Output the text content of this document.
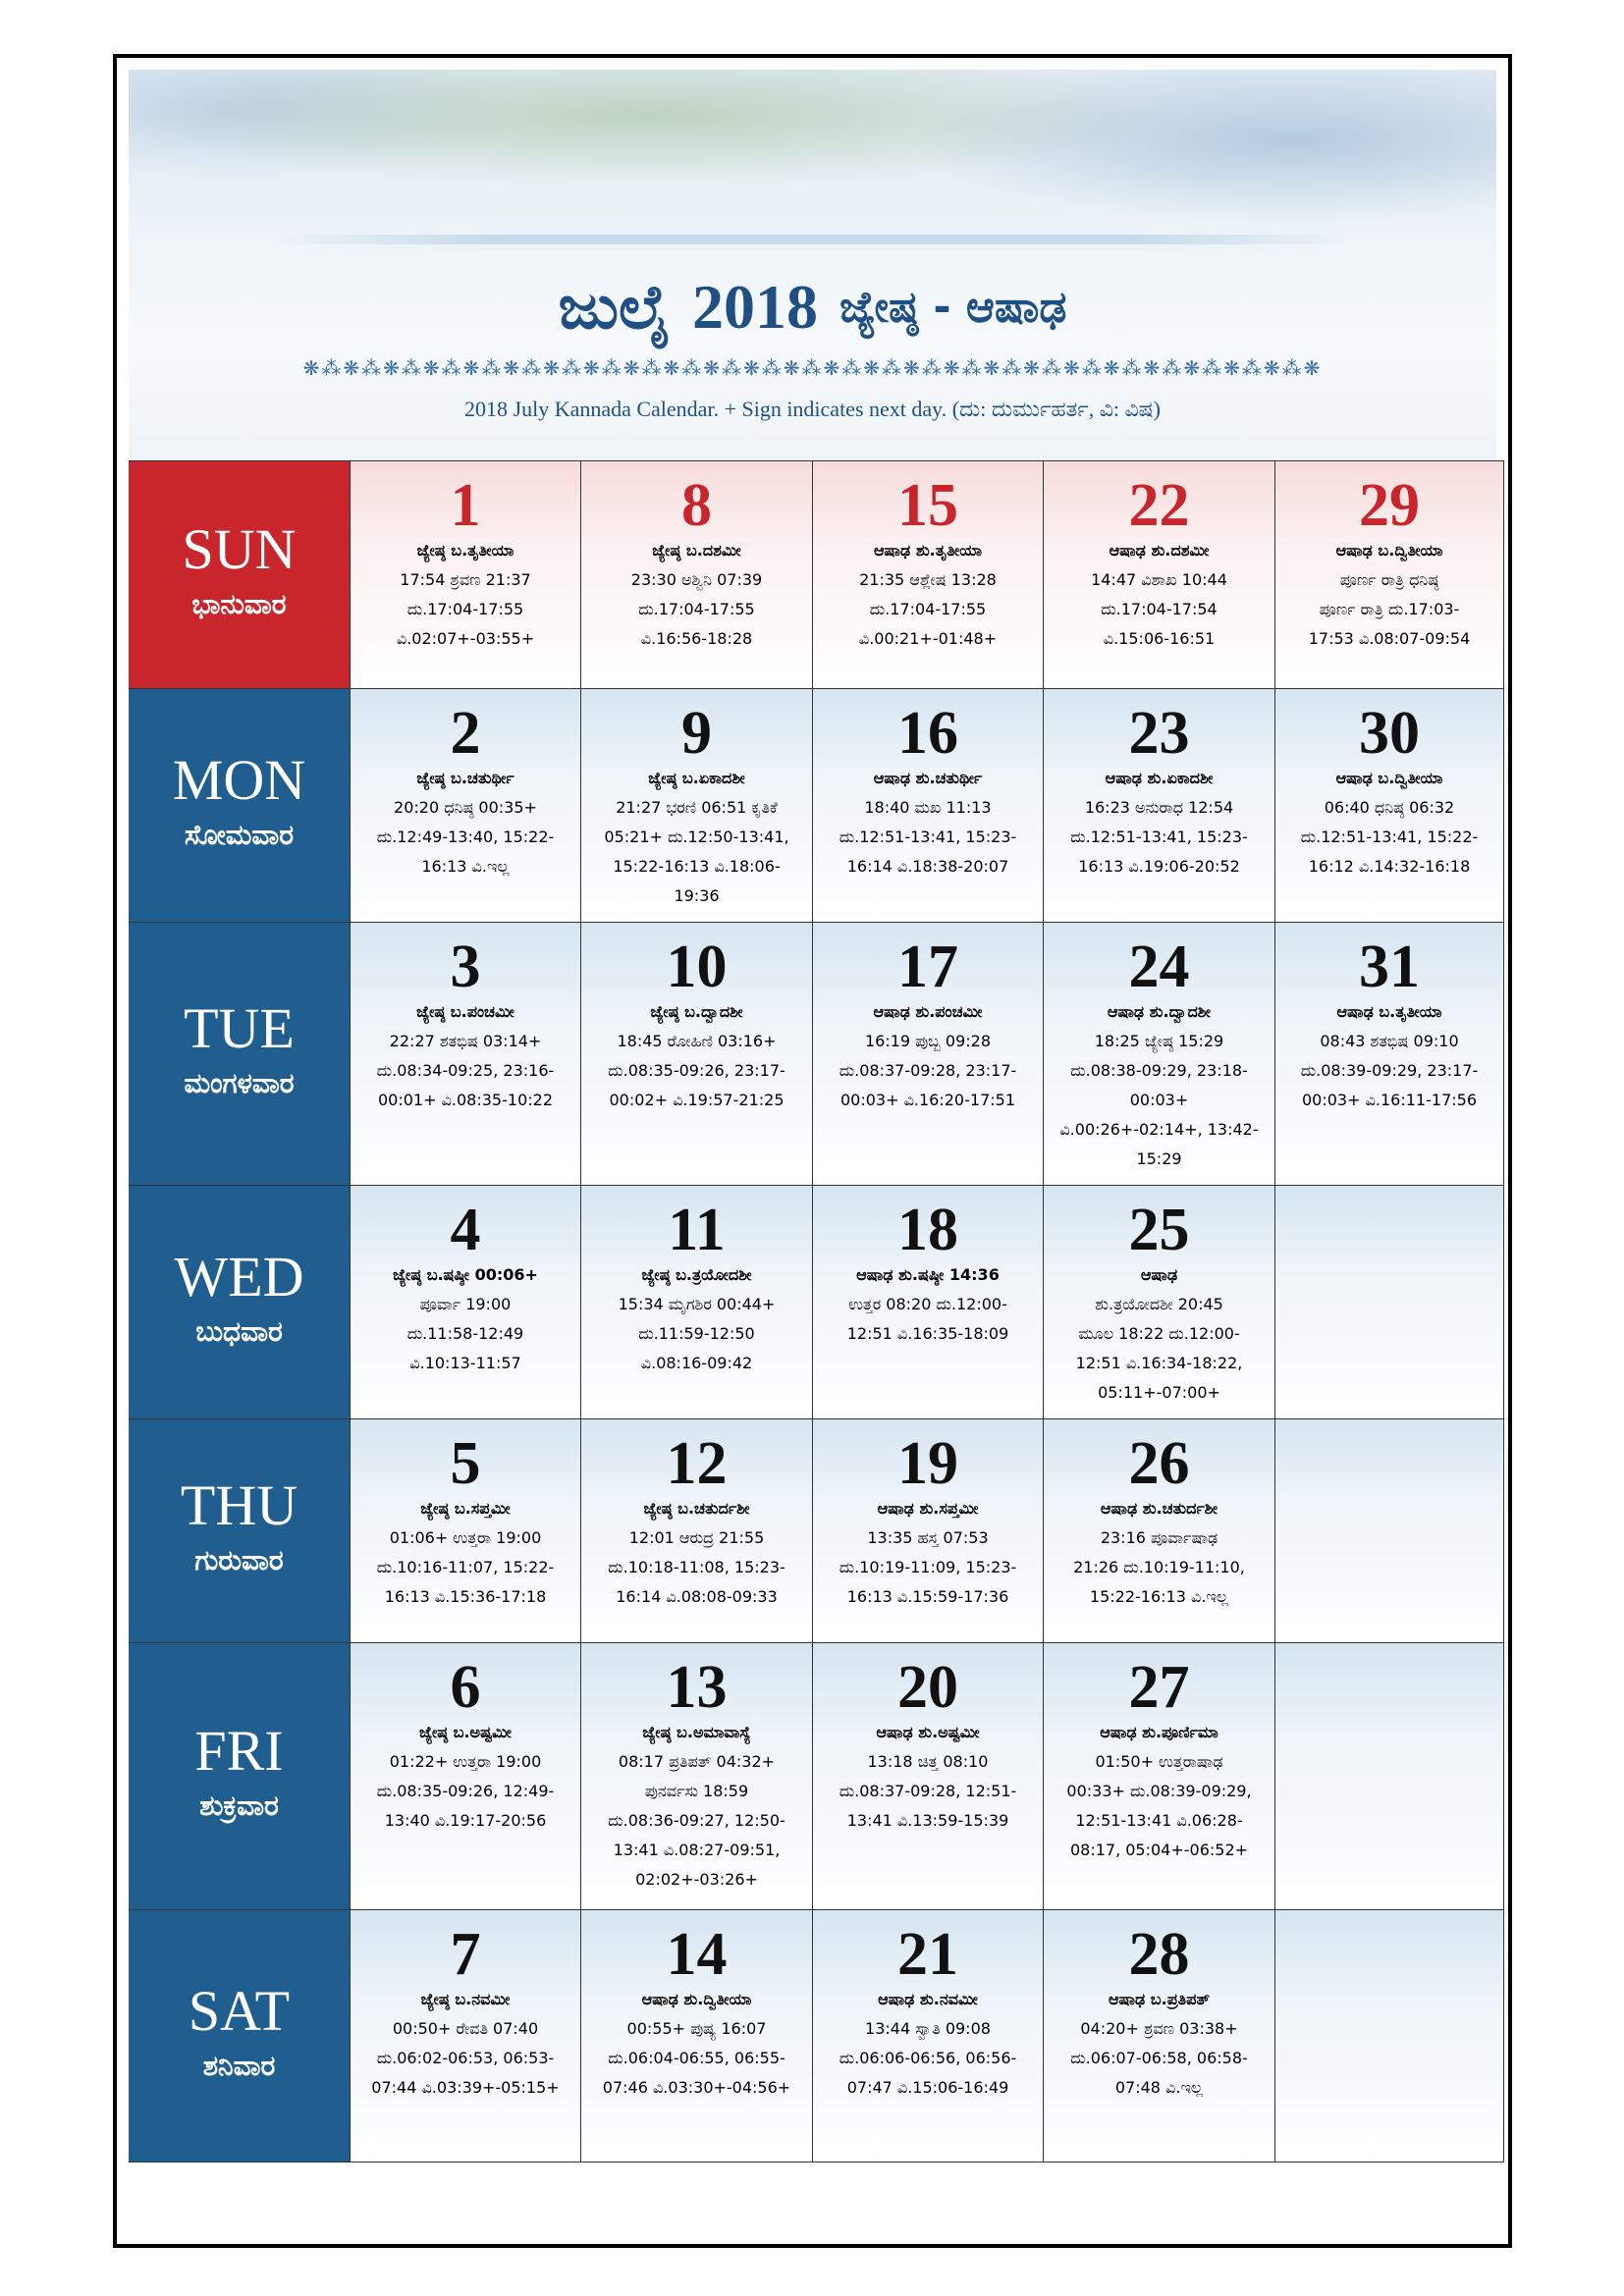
ಜುಲೈ 2018 ಜ್ಯೇಷ್ಠ - ಆಷಾಢ
❋⁂❋⁂❋⁂❋⁂❋⁂❋⁂❋⁂❋⁂❋⁂❋⁂❋⁂❋⁂❋⁂❋⁂❋⁂❋⁂❋⁂❋⁂❋⁂❋⁂❋⁂❋⁂❋⁂❋⁂❋⁂❋
2018 July Kannada Calendar. + Sign indicates next day. (ದು: ದುರ್ಮುಹರ್ತ, ವಿ: ವಿಷ)
SUN
ಭಾನುವಾರ
1
ಜ್ಯೇಷ್ಠ ಬ.ತೃತೀಯಾ
17:54 ಶ್ರವಣ 21:37
ದು.17:04-17:55
ವಿ.02:07+-03:55+
8
ಜ್ಯೇಷ್ಠ ಬ.ದಶಮೀ
23:30 ಅಶ್ವಿನಿ 07:39
ದು.17:04-17:55
ವಿ.16:56-18:28
15
ಆಷಾಢ ಶು.ತೃತೀಯಾ
21:35 ಆಶ್ಲೇಷ 13:28
ದು.17:04-17:55
ವಿ.00:21+-01:48+
22
ಆಷಾಢ ಶು.ದಶಮೀ
14:47 ವಿಶಾಖ 10:44
ದು.17:04-17:54
ವಿ.15:06-16:51
29
ಆಷಾಢ ಬ.ದ್ವಿತೀಯಾ
ಪೂರ್ಣ ರಾತ್ರಿ ಧನಿಷ್ಠ
ಪೂರ್ಣ ರಾತ್ರಿ ದು.17:03-
17:53 ವಿ.08:07-09:54
MON
ಸೋಮವಾರ
2
ಜ್ಯೇಷ್ಠ ಬ.ಚತುರ್ಥೀ
20:20 ಧನಿಷ್ಠ 00:35+
ದು.12:49-13:40, 15:22-
16:13 ವಿ.ಇಲ್ಲ
9
ಜ್ಯೇಷ್ಠ ಬ.ಏಕಾದಶೀ
21:27 ಭರಣಿ 06:51 ಕೃತಿಕೆ
05:21+ ದು.12:50-13:41,
15:22-16:13 ವಿ.18:06-
19:36
16
ಆಷಾಢ ಶು.ಚತುರ್ಥೀ
18:40 ಮಖ 11:13
ದು.12:51-13:41, 15:23-
16:14 ವಿ.18:38-20:07
23
ಆಷಾಢ ಶು.ಏಕಾದಶೀ
16:23 ಅನುರಾಧ 12:54
ದು.12:51-13:41, 15:23-
16:13 ವಿ.19:06-20:52
30
ಆಷಾಢ ಬ.ದ್ವಿತೀಯಾ
06:40 ಧನಿಷ್ಠ 06:32
ದು.12:51-13:41, 15:22-
16:12 ವಿ.14:32-16:18
TUE
ಮಂಗಳವಾರ
3
ಜ್ಯೇಷ್ಠ ಬ.ಪಂಚಮೀ
22:27 ಶತಭಿಷ 03:14+
ದು.08:34-09:25, 23:16-
00:01+ ವಿ.08:35-10:22
10
ಜ್ಯೇಷ್ಠ ಬ.ದ್ವಾದಶೀ
18:45 ರೋಹಿಣಿ 03:16+
ದು.08:35-09:26, 23:17-
00:02+ ವಿ.19:57-21:25
17
ಆಷಾಢ ಶು.ಪಂಚಮೀ
16:19 ಪುಬ್ಬ 09:28
ದು.08:37-09:28, 23:17-
00:03+ ವಿ.16:20-17:51
24
ಆಷಾಢ ಶು.ದ್ವಾದಶೀ
18:25 ಜ್ಯೇಷ್ಠ 15:29
ದು.08:38-09:29, 23:18-
00:03+
ವಿ.00:26+-02:14+, 13:42-
15:29
31
ಆಷಾಢ ಬ.ತೃತೀಯಾ
08:43 ಶತಭಿಷ 09:10
ದು.08:39-09:29, 23:17-
00:03+ ವಿ.16:11-17:56
WED
ಬುಧವಾರ
4
ಜ್ಯೇಷ್ಠ ಬ.ಷಷ್ಠೀ 00:06+
ಪೂರ್ವಾ 19:00
ದು.11:58-12:49
ವಿ.10:13-11:57
11
ಜ್ಯೇಷ್ಠ ಬ.ತ್ರಯೋದಶೀ
15:34 ಮೃಗಶಿರ 00:44+
ದು.11:59-12:50
ವಿ.08:16-09:42
18
ಆಷಾಢ ಶು.ಷಷ್ಠೀ 14:36
ಉತ್ತರ 08:20 ದು.12:00-
12:51 ವಿ.16:35-18:09
25
ಆಷಾಢ
ಶು.ತ್ರಯೋದಶೀ 20:45
ಮೂಲ 18:22 ದು.12:00-
12:51 ವಿ.16:34-18:22,
05:11+-07:00+
THU
ಗುರುವಾರ
5
ಜ್ಯೇಷ್ಠ ಬ.ಸಪ್ತಮೀ
01:06+ ಉತ್ತರಾ 19:00
ದು.10:16-11:07, 15:22-
16:13 ವಿ.15:36-17:18
12
ಜ್ಯೇಷ್ಠ ಬ.ಚತುರ್ದಶೀ
12:01 ಆರುದ್ರ 21:55
ದು.10:18-11:08, 15:23-
16:14 ವಿ.08:08-09:33
19
ಆಷಾಢ ಶು.ಸಪ್ತಮೀ
13:35 ಹಸ್ತ 07:53
ದು.10:19-11:09, 15:23-
16:13 ವಿ.15:59-17:36
26
ಆಷಾಢ ಶು.ಚತುರ್ದಶೀ
23:16 ಪೂರ್ವಾಷಾಢ
21:26 ದು.10:19-11:10,
15:22-16:13 ವಿ.ಇಲ್ಲ
FRI
ಶುಕ್ರವಾರ
6
ಜ್ಯೇಷ್ಠ ಬ.ಅಷ್ಟಮೀ
01:22+ ಉತ್ತರಾ 19:00
ದು.08:35-09:26, 12:49-
13:40 ವಿ.19:17-20:56
13
ಜ್ಯೇಷ್ಠ ಬ.ಅಮಾವಾಸ್ಯೆ
08:17 ಪ್ರತಿಪತ್ 04:32+
ಪುನರ್ವಸು 18:59
ದು.08:36-09:27, 12:50-
13:41 ವಿ.08:27-09:51,
02:02+-03:26+
20
ಆಷಾಢ ಶು.ಅಷ್ಟಮೀ
13:18 ಚಿತ್ತ 08:10
ದು.08:37-09:28, 12:51-
13:41 ವಿ.13:59-15:39
27
ಆಷಾಢ ಶು.ಪೂರ್ಣಿಮಾ
01:50+ ಉತ್ತರಾಷಾಢ
00:33+ ದು.08:39-09:29,
12:51-13:41 ವಿ.06:28-
08:17, 05:04+-06:52+
SAT
ಶನಿವಾರ
7
ಜ್ಯೇಷ್ಠ ಬ.ನವಮೀ
00:50+ ರೇವತಿ 07:40
ದು.06:02-06:53, 06:53-
07:44 ವಿ.03:39+-05:15+
14
ಆಷಾಢ ಶು.ದ್ವಿತೀಯಾ
00:55+ ಪುಷ್ಯ 16:07
ದು.06:04-06:55, 06:55-
07:46 ವಿ.03:30+-04:56+
21
ಆಷಾಢ ಶು.ನವಮೀ
13:44 ಸ್ವಾತಿ 09:08
ದು.06:06-06:56, 06:56-
07:47 ವಿ.15:06-16:49
28
ಆಷಾಢ ಬ.ಪ್ರತಿಪತ್
04:20+ ಶ್ರವಣ 03:38+
ದು.06:07-06:58, 06:58-
07:48 ವಿ.ಇಲ್ಲ
